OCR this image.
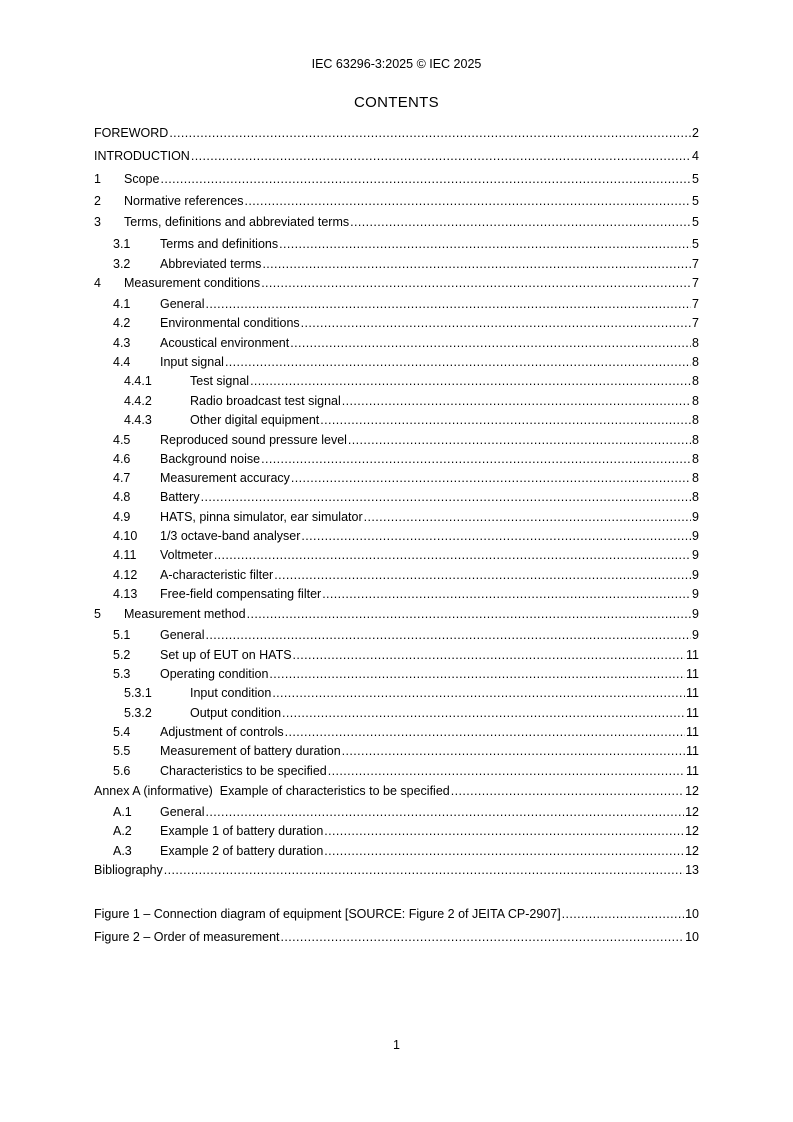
IEC 63296-3:2025 © IEC 2025
CONTENTS
FOREWORD .....	2
INTRODUCTION .....	4
1	Scope .....	5
2	Normative references .....	5
3	Terms, definitions and abbreviated terms .....	5
3.1	Terms and definitions .....	5
3.2	Abbreviated terms .....	7
4	Measurement conditions .....	7
4.1	General .....	7
4.2	Environmental conditions .....	7
4.3	Acoustical environment .....	8
4.4	Input signal .....	8
4.4.1	Test signal .....	8
4.4.2	Radio broadcast test signal .....	8
4.4.3	Other digital equipment .....	8
4.5	Reproduced sound pressure level .....	8
4.6	Background noise .....	8
4.7	Measurement accuracy .....	8
4.8	Battery .....	8
4.9	HATS, pinna simulator, ear simulator .....	9
4.10	1/3 octave-band analyser .....	9
4.11	Voltmeter .....	9
4.12	A-characteristic filter .....	9
4.13	Free-field compensating filter .....	9
5	Measurement method .....	9
5.1	General .....	9
5.2	Set up of EUT on HATS .....	11
5.3	Operating condition .....	11
5.3.1	Input condition .....	11
5.3.2	Output condition .....	11
5.4	Adjustment of controls .....	11
5.5	Measurement of battery duration .....	11
5.6	Characteristics to be specified .....	11
Annex A (informative)  Example of characteristics to be specified .....	12
A.1	General .....	12
A.2	Example 1 of battery duration .....	12
A.3	Example 2 of battery duration .....	12
Bibliography .....	13
Figure 1 – Connection diagram of equipment [SOURCE: Figure 2 of JEITA CP-2907] .....	10
Figure 2 – Order of measurement .....	10
1
